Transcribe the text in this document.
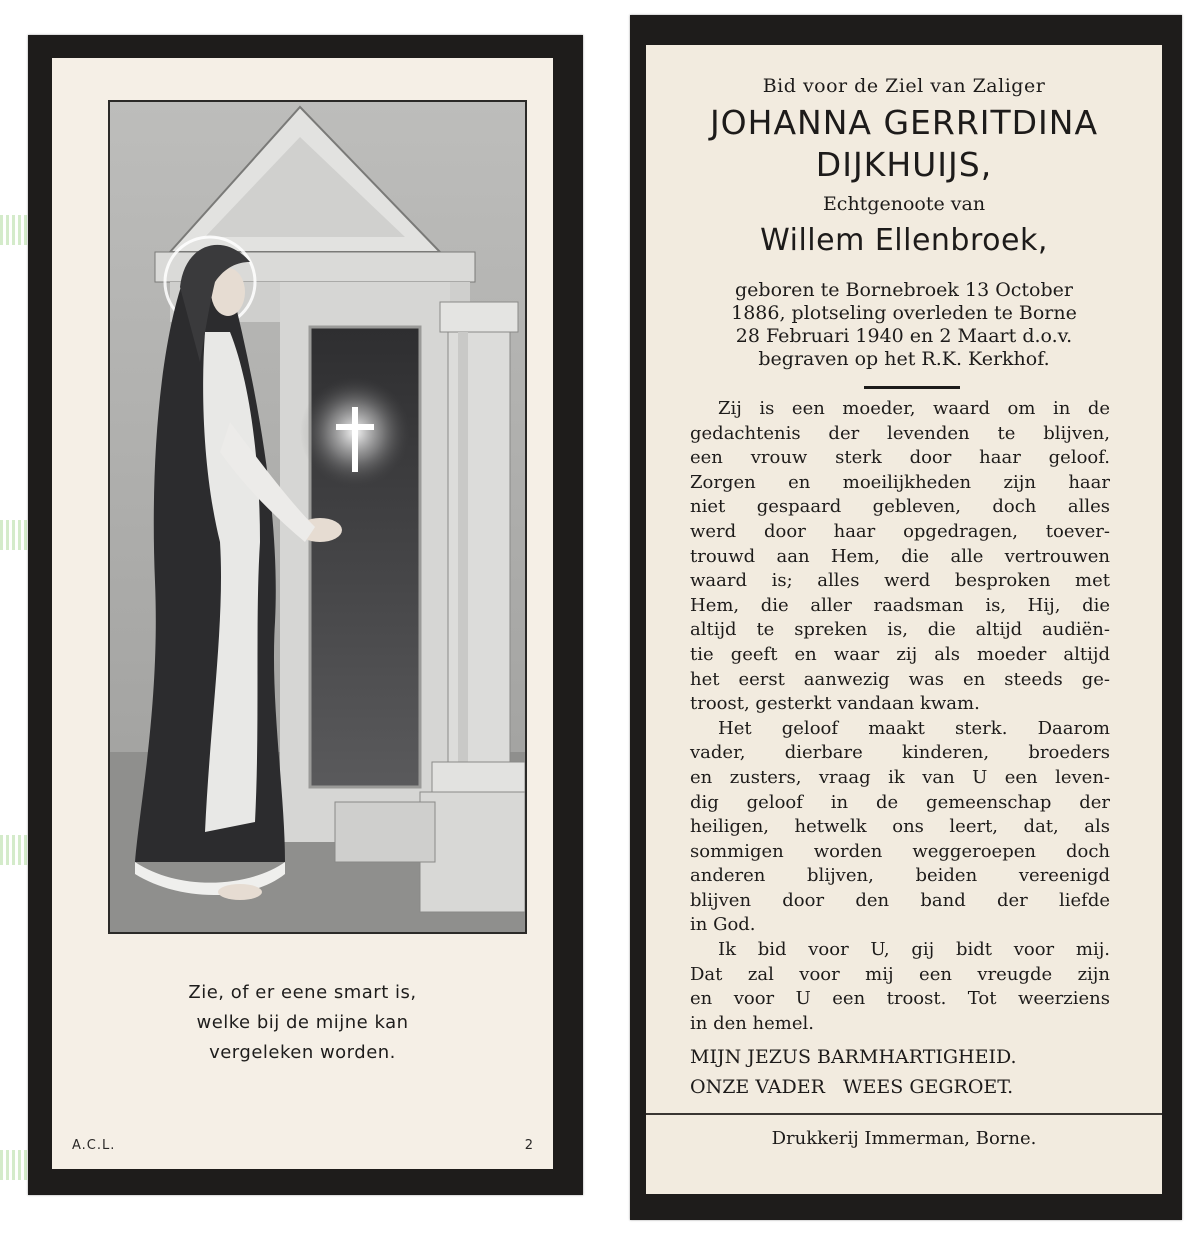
Zie, of er eene smart is,
welke bij de mijne kan
vergeleken worden.
A.C.L.	2
Bid voor de Ziel van Zaliger
JOHANNA GERRITDINA
DIJKHUIJS,
Echtgenoote van
Willem Ellenbroek,
geboren te Bornebroek 13 October
1886, plotseling overleden te Borne
28 Februari 1940 en 2 Maart d.o.v.
begraven op het R.K. Kerkhof.
Zij is een moeder, waard om in de
gedachtenis der levenden te blijven,
een vrouw sterk door haar geloof.
Zorgen en moeilijkheden zijn haar
niet gespaard gebleven, doch alles
werd door haar opgedragen, toever-
trouwd aan Hem, die alle vertrouwen
waard is; alles werd besproken met
Hem, die aller raadsman is, Hij, die
altijd te spreken is, die altijd audiën-
tie geeft en waar zij als moeder altijd
het eerst aanwezig was en steeds ge-
troost, gesterkt vandaan kwam.
Het geloof maakt sterk. Daarom
vader, dierbare kinderen, broeders
en zusters, vraag ik van U een leven-
dig geloof in de gemeenschap der
heiligen, hetwelk ons leert, dat, als
sommigen worden weggeroepen doch
anderen blijven, beiden vereenigd
blijven door den band der liefde
in God.
Ik bid voor U, gij bidt voor mij.
Dat zal voor mij een vreugde zijn
en voor U een troost. Tot weerziens
in den hemel.
MIJN JEZUS BARMHARTIGHEID.
ONZE VADER   WEES GEGROET.
Drukkerij Immerman, Borne.
